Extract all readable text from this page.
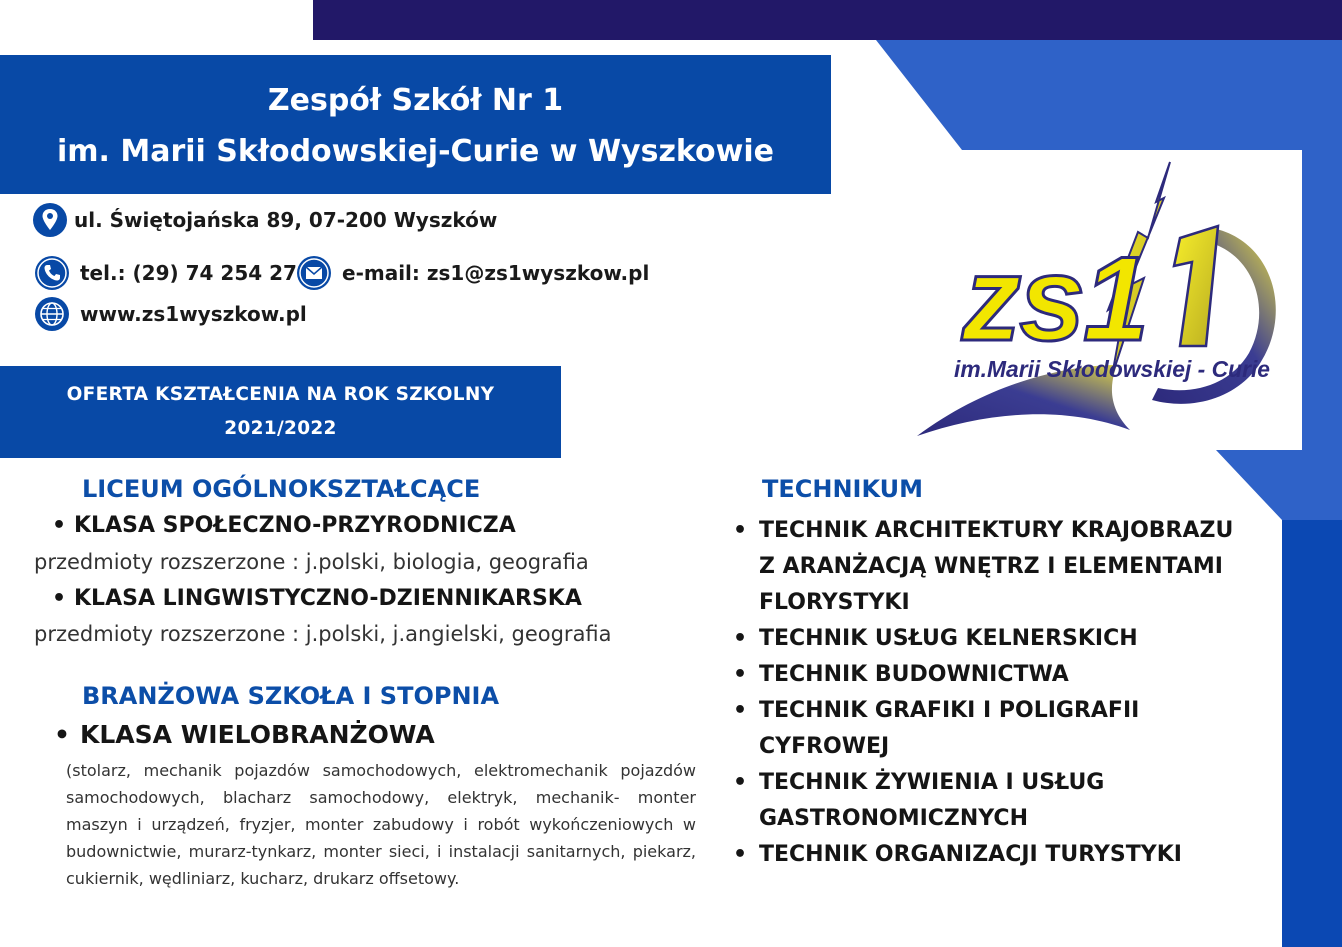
Zespół Szkół Nr 1
im. Marii Skłodowskiej-Curie w Wyszkowie
ul. Świętojańska 89, 07-200 Wyszków
tel.: (29) 74 254 27 e-mail: zs1@zs1wyszkow.pl
www.zs1wyszkow.pl
OFERTA KSZTAŁCENIA NA ROK SZKOLNY
2021/2022
zs1
im.Marii Skłodowskiej - Curie
LICEUM OGÓLNOKSZTAŁCĄCE
• KLASA SPOŁECZNO-PRZYRODNICZA
przedmioty rozszerzone : j.polski, biologia, geografia
• KLASA LINGWISTYCZNO-DZIENNIKARSKA
przedmioty rozszerzone : j.polski, j.angielski, geografia
BRANŻOWA SZKOŁA I STOPNIA
• KLASA WIELOBRANŻOWA
(stolarz, mechanik pojazdów samochodowych, elektromechanik pojazdów samochodowych, blacharz samochodowy, elektryk, mechanik- monter maszyn i urządzeń, fryzjer, monter zabudowy i robót wykończeniowych w budownictwie, murarz-tynkarz, monter sieci, i instalacji sanitarnych, piekarz, cukiernik, wędliniarz, kucharz, drukarz offsetowy.
TECHNIKUM
• TECHNIK ARCHITEKTURY KRAJOBRAZU Z ARANŻACJĄ WNĘTRZ I ELEMENTAMI FLORYSTYKI
• TECHNIK USŁUG KELNERSKICH
• TECHNIK BUDOWNICTWA
• TECHNIK GRAFIKI I POLIGRAFII CYFROWEJ
• TECHNIK ŻYWIENIA I USŁUG GASTRONOMICZNYCH
• TECHNIK ORGANIZACJI TURYSTYKI
